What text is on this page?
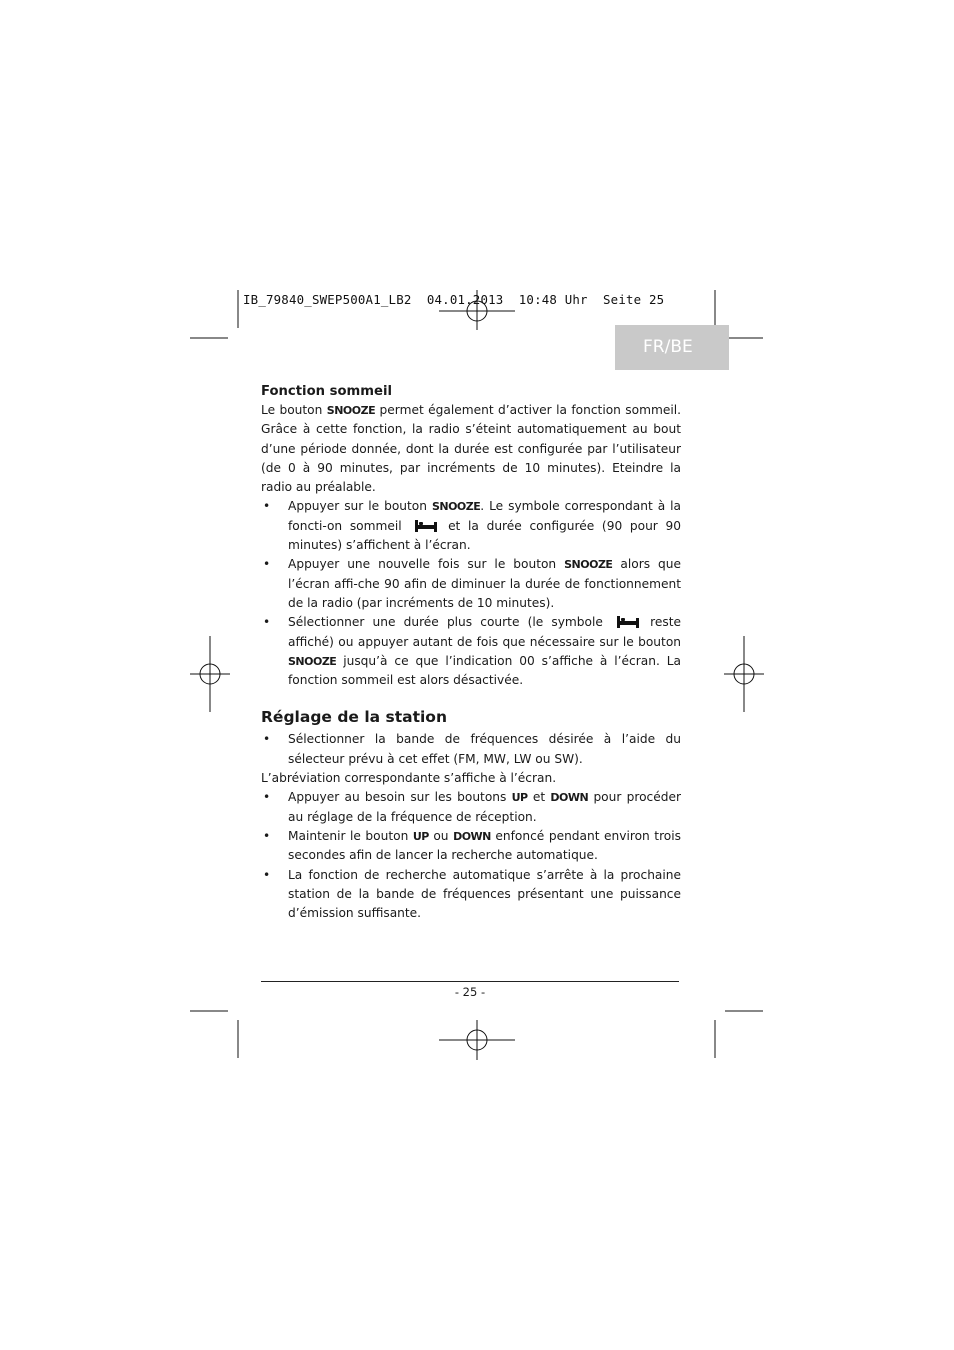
IB_79840_SWEP500A1_LB2  04.01.2013  10:48 Uhr  Seite 25
FR/BE
Fonction sommeil

Le bouton SNOOZE permet également d’activer la fonction sommeil. Grâce à cette fonction, la radio s’éteint automatiquement au bout d’une période donnée, dont la durée est configurée par l’utilisateur (de 0 à 90 minutes, par incréments de 10 minutes). Eteindre la radio au préalable.

• Appuyer sur le bouton SNOOZE. Le symbole correspondant à la foncti-on sommeil	et la durée configurée (90 pour 90 minutes) s’affichent à l’écran.
• Appuyer une nouvelle fois sur le bouton SNOOZE alors que l’écran affi-che 90 afin de diminuer la durée de fonctionnement de la radio (par incréments de 10 minutes).
• Sélectionner une durée plus courte (le symbole	reste affiché) ou appuyer autant de fois que nécessaire sur le bouton SNOOZE jusqu’à ce que l’indication 00 s’affiche à l’écran. La fonction sommeil est alors désactivée.
Réglage de la station
• Sélectionner la bande de fréquences désirée à l’aide du sélecteur prévu à cet effet (FM, MW, LW ou SW).

L’abréviation correspondante s’affiche à l’écran.

• Appuyer au besoin sur les boutons UP et DOWN pour procéder au réglage de la fréquence de réception.
• Maintenir le bouton UP ou DOWN enfoncé pendant environ trois secondes afin de lancer la recherche automatique.
• La fonction de recherche automatique s’arrête à la prochaine station de la bande de fréquences présentant une puissance d’émission suffisante.
- 25 -
